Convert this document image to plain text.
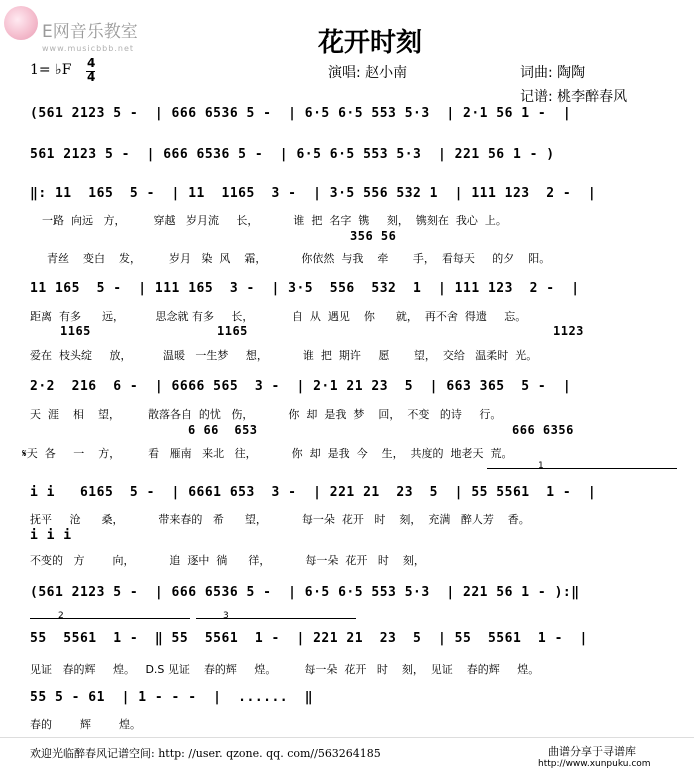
E网音乐教室
www.musicbbb.net	花开时刻
1= ♭F 4
4	演唱: 赵小南	词曲: 陶陶
记谱: 桃李醉春风
(561 2123 5 -  | 666 6536 5 -  | 6·5 6·5 553 5·3  | 2·1 56 1 -  |
561 2123 5 -  | 666 6536 5 -  | 6·5 6·5 553 5·3  | 221 56 1 - )
‖: 11  165  5 -  | 11  1165  3 -  | 3·5 556 532 1  | 111 123  2 -  |
一路  向远   方，        穿越   岁月流     长，          谁  把  名字  镌     刻，  镌刻在  我心  上。
356 56
青丝    变白    发，        岁月   染  风    霜，          你依然  与我    牵       手，  看每天     的夕    阳。
11 165  5 -  | 111 165  3 -  | 3·5  556  532  1  | 111 123  2 -  |
距离  有多      远，         思念就 有多     长，           自  从  遇见    你      就，  再不舍  得遗     忘。
1165	1165	1123
爱在  枝头绽     放，         温暖   一生梦     想，          谁  把  期许     愿       望，  交给   温柔时  光。
2·2  216  6 -  | 6666 565  3 -  | 2·1 21 23  5  | 663 365  5 -  |
天  涯    相    望，        散落各自  的忧   伤，          你  却  是我  梦    回，  不变   的诗     行。
6 66  653	666 6356
𝄋天  各     一    方，        看   雁南   来北   往，          你  却  是我  今    生，  共度的  地老天  荒。
1
i i   6165  5 -  | 6661 653  3 -  | 221 21  23  5  | 55 5561  1 -  |
抚平     沧      桑，          带来春的   希      望，          每一朵  花开   时    刻，  充满   醉人芳    香。
i i i
不变的   方        向，          追  逐中  徜      徉，          每一朵  花开   时    刻，
(561 2123 5 -  | 666 6536 5 -  | 6·5 6·5 553 5·3  | 221 56 1 - ):‖
2	3
55  5561  1 -  ‖ 55  5561  1 -  | 221 21  23  5  | 55  5561  1 -  |
见证   春的辉     煌。   D.S 见证    春的辉     煌。        每一朵  花开   时    刻，  见证    春的辉     煌。
55 5 - 61  | 1 - - -  |  ......  ‖
春的        辉        煌。
欢迎光临醉春风记谱空间: http: //user. qzone. qq. com//563264185	曲谱分享于寻谱库
http://www.xunpuku.com
